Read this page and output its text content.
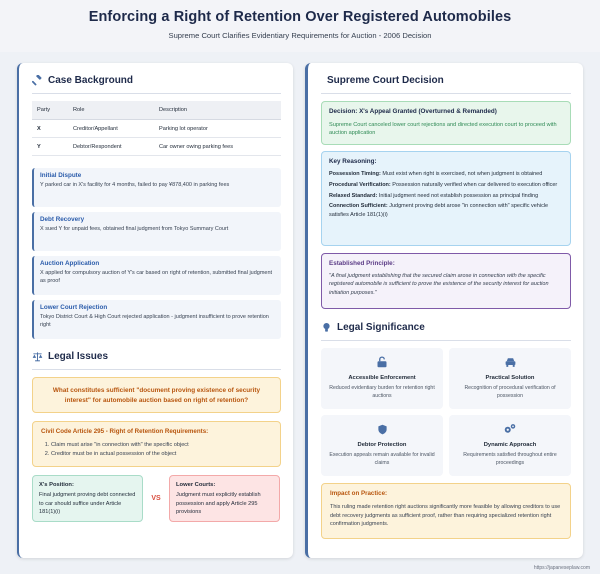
Enforcing a Right of Retention Over Registered Automobiles
Supreme Court Clarifies Evidentiary Requirements for Auction - 2006 Decision
Case Background
Party	Role	Description
X	Creditor/Appellant	Parking lot operator
Y	Debtor/Respondent	Car owner owing parking fees
Initial Dispute
Y parked car in X's facility for 4 months, failed to pay ¥878,400 in parking fees
Debt Recovery
X sued Y for unpaid fees, obtained final judgment from Tokyo Summary Court
Auction Application
X applied for compulsory auction of Y's car based on right of retention, submitted final judgment as proof
Lower Court Rejection
Tokyo District Court & High Court rejected application - judgment insufficient to prove retention right
Legal Issues
What constitutes sufficient "document proving existence of security interest" for automobile auction based on right of retention?
Civil Code Article 295 - Right of Retention Requirements:
1. Claim must arise "in connection with" the specific object
2. Creditor must be in actual possession of the object
X's Position:
Final judgment proving debt connected to car should suffice under Article 181(1)(i)
VS
Lower Courts:
Judgment must explicitly establish possession and apply Article 295 provisions
Supreme Court Decision
Decision: X's Appeal Granted (Overturned & Remanded)
Supreme Court canceled lower court rejections and directed execution court to proceed with auction application
Key Reasoning:
Possession Timing: Must exist when right is exercised, not when judgment is obtained
Procedural Verification: Possession naturally verified when car delivered to execution officer
Relaxed Standard: Initial judgment need not establish possession as principal finding
Connection Sufficient: Judgment proving debt arose "in connection with" specific vehicle satisfies Article 181(1)(i)
Established Principle:
"A final judgment establishing that the secured claim arose in connection with the specific registered automobile is sufficient to prove the existence of the security interest for auction initiation purposes."
Legal Significance
Accessible Enforcement
Reduced evidentiary burden for retention right auctions
Practical Solution
Recognition of procedural verification of possession
Debtor Protection
Execution appeals remain available for invalid claims
Dynamic Approach
Requirements satisfied throughout entire proceedings
Impact on Practice:
This ruling made retention right auctions significantly more feasible by allowing creditors to use debt recovery judgments as sufficient proof, rather than requiring specialized retention right confirmation judgments.
https://japaneseplaw.com
